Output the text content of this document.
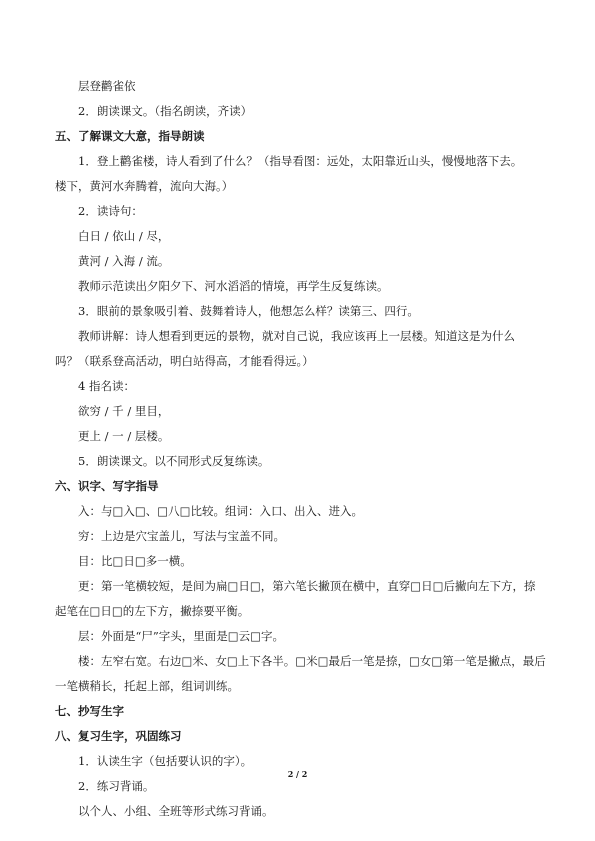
层登鹳雀依
2．朗读课文。（指名朗读，齐读）
五、了解课文大意，指导朗读
1．登上鹳雀楼，诗人看到了什么？（指导看图：远处，太阳靠近山头，慢慢地落下去。
楼下，黄河水奔腾着，流向大海。）
2．读诗句：
白日 / 依山 / 尽，
黄河 / 入海 / 流。
教师示范读出夕阳夕下、河水滔滔的情境，再学生反复练读。
3．眼前的景象吸引着、鼓舞着诗人，他想怎么样？读第三、四行。
教师讲解：诗人想看到更远的景物，就对自己说，我应该再上一层楼。知道这是为什么
吗？（联系登高活动，明白站得高，才能看得远。）
4 指名读：
欲穷 / 千 / 里目，
更上 / 一 / 层楼。
5．朗读课文。以不同形式反复练读。
六、识字、写字指导
入：与□入□、□八□比较。组词：入口、出入、进入。
穷：上边是穴宝盖儿，写法与宝盖不同。
目：比□日□多一横。
更：第一笔横较短，是间为扁□日□，第六笔长撇顶在横中，直穿□日□后撇向左下方，捺
起笔在□日□的左下方，撇捺要平衡。
层：外面是“尸”字头，里面是□云□字。
楼：左窄右宽。右边□米、女□上下各半。□米□最后一笔是捺，□女□第一笔是撇点，最后
一笔横稍长，托起上部，组词训练。
七、抄写生字
八、复习生字，巩固练习
1．认读生字（包括要认识的字）。
2．练习背诵。
以个人、小组、全班等形式练习背诵。
2 / 2
